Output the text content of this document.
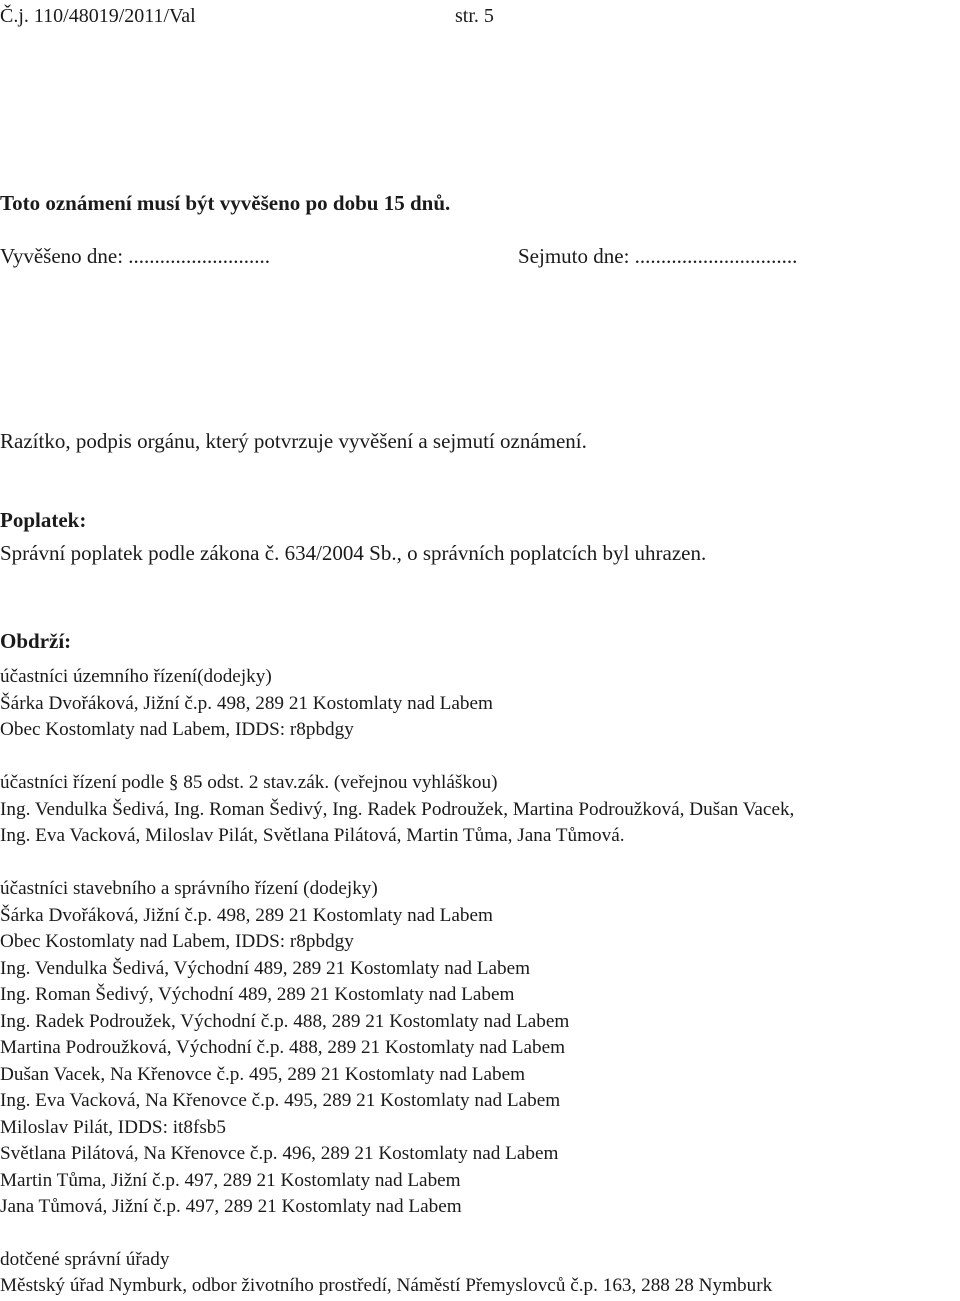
Č.j. 110/48019/2011/Val	str. 5
Toto oznámení musí být vyvěšeno po dobu 15 dnů.
Vyvěšeno dne: ...........................	Sejmuto dne: ...............................
Razítko, podpis orgánu, který potvrzuje vyvěšení a sejmutí oznámení.
Poplatek:
Správní poplatek podle zákona č. 634/2004 Sb., o správních poplatcích byl uhrazen.
Obdrží:
účastníci územního řízení(dodejky)
Šárka Dvořáková, Jižní č.p. 498, 289 21 Kostomlaty nad Labem
Obec Kostomlaty nad Labem, IDDS: r8pbdgy
účastníci řízení podle § 85 odst. 2 stav.zák. (veřejnou vyhláškou)
Ing. Vendulka Šedivá, Ing. Roman Šedivý, Ing. Radek Podroužek, Martina Podroužková, Dušan Vacek,
Ing. Eva Vacková, Miloslav Pilát, Světlana Pilátová, Martin Tůma, Jana Tůmová.
účastníci stavebního a správního řízení (dodejky)
Šárka Dvořáková, Jižní č.p. 498, 289 21 Kostomlaty nad Labem
Obec Kostomlaty nad Labem, IDDS: r8pbdgy
Ing. Vendulka Šedivá, Východní 489, 289 21 Kostomlaty nad Labem
Ing. Roman Šedivý, Východní 489, 289 21 Kostomlaty nad Labem
Ing. Radek Podroužek, Východní č.p. 488, 289 21 Kostomlaty nad Labem
Martina Podroužková, Východní č.p. 488, 289 21 Kostomlaty nad Labem
Dušan Vacek, Na Křenovce č.p. 495, 289 21 Kostomlaty nad Labem
Ing. Eva Vacková, Na Křenovce č.p. 495, 289 21 Kostomlaty nad Labem
Miloslav Pilát, IDDS: it8fsb5
Světlana Pilátová, Na Křenovce č.p. 496, 289 21 Kostomlaty nad Labem
Martin Tůma, Jižní č.p. 497, 289 21 Kostomlaty nad Labem
Jana Tůmová, Jižní č.p. 497, 289 21 Kostomlaty nad Labem
dotčené správní úřady
Městský úřad Nymburk, odbor životního prostředí, Náměstí Přemyslovců č.p. 163, 288 28 Nymburk
